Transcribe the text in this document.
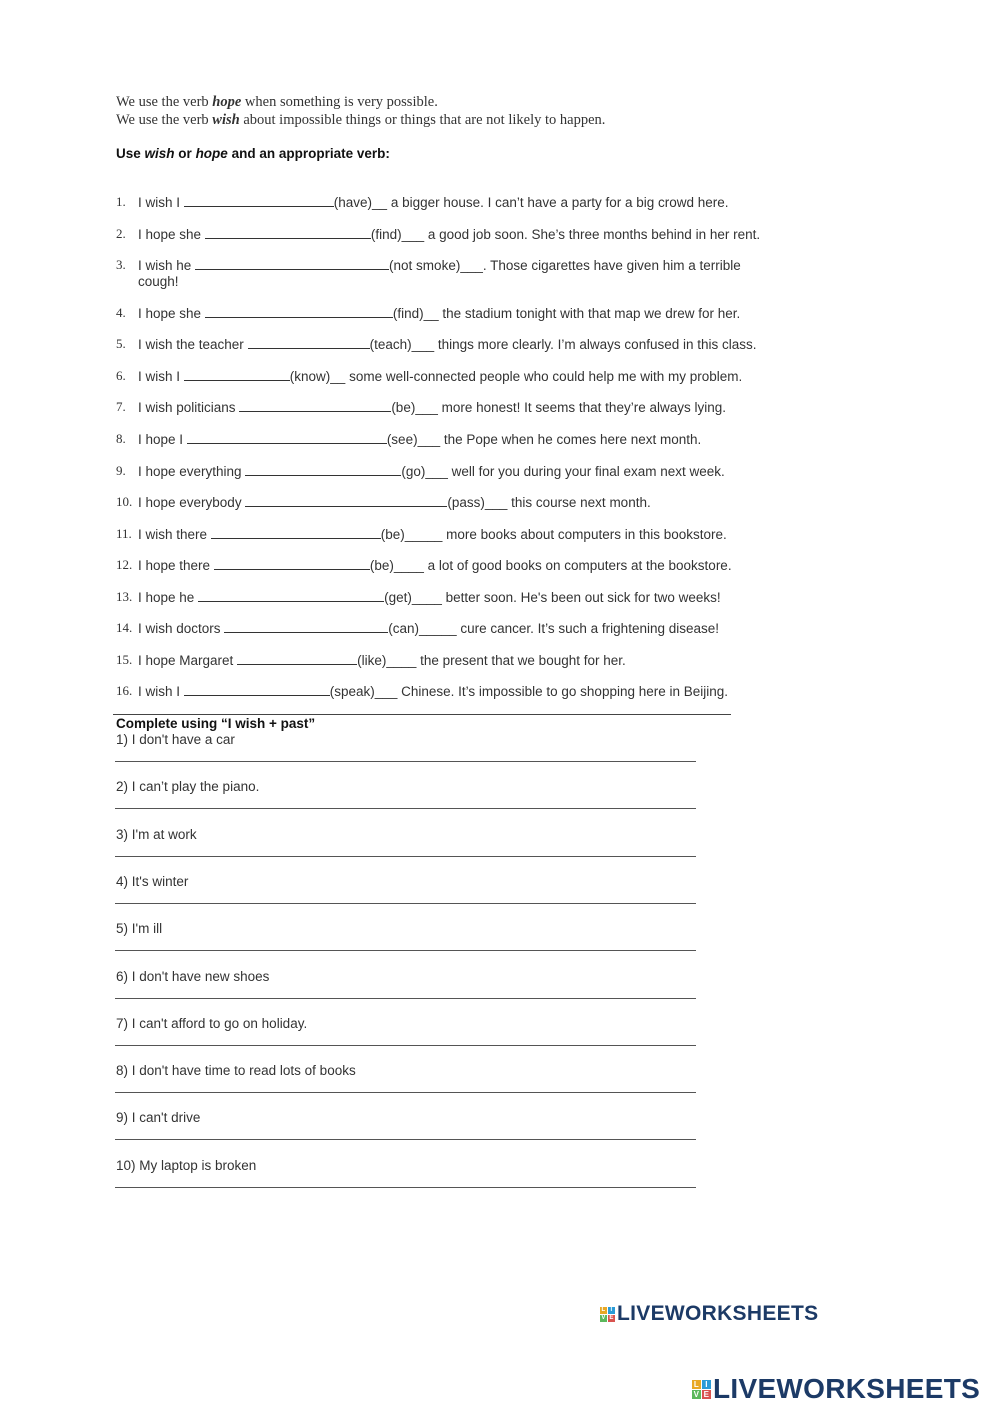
We use the verb hope when something is very possible.

We use the verb wish about impossible things or things that are not likely to happen.

Use wish or hope and an appropriate verb:
1. I wish I	(have)__ a bigger house. I can’t have a party for a big crowd here.
2. I hope she	(find)___ a good job soon. She’s three months behind in her rent.
3. I wish he	(not smoke)___. Those cigarettes have given him a terrible cough!
4. I hope she	(find)__ the stadium tonight with that map we drew for her.
5. I wish the teacher	(teach)___ things more clearly. I’m always confused in this class.
6. I wish I	(know)__ some well-connected people who could help me with my problem.
7. I wish politicians	(be)___ more honest! It seems that they’re always lying.
8. I hope I	(see)___ the Pope when he comes here next month.
9. I hope everything	(go)___ well for you during your final exam next week.
10. I hope everybody	(pass)___ this course next month.
11. I wish there	(be)_____ more books about computers in this bookstore.
12. I hope there	(be)____ a lot of good books on computers at the bookstore.
13. I hope he	(get)____ better soon. He's been out sick for two weeks!
14. I wish doctors	(can)_____ cure cancer. It’s such a frightening disease!
15. I hope Margaret	(like)____ the present that we bought for her.
16. I wish I	(speak)___ Chinese. It’s impossible to go shopping here in Beijing.
Complete using “I wish + past”
1) I don't have a car
2) I can’t play the piano.
3) I'm at work
4) It's winter
5) I'm ill
6) I don't have new shoes
7) I can't afford to go on holiday.
8) I don't have time to read lots of books
9) I can't drive
10) My laptop is broken
L I
V E LIVEWORKSHEETS
L I
V E LIVEWORKSHEETS
